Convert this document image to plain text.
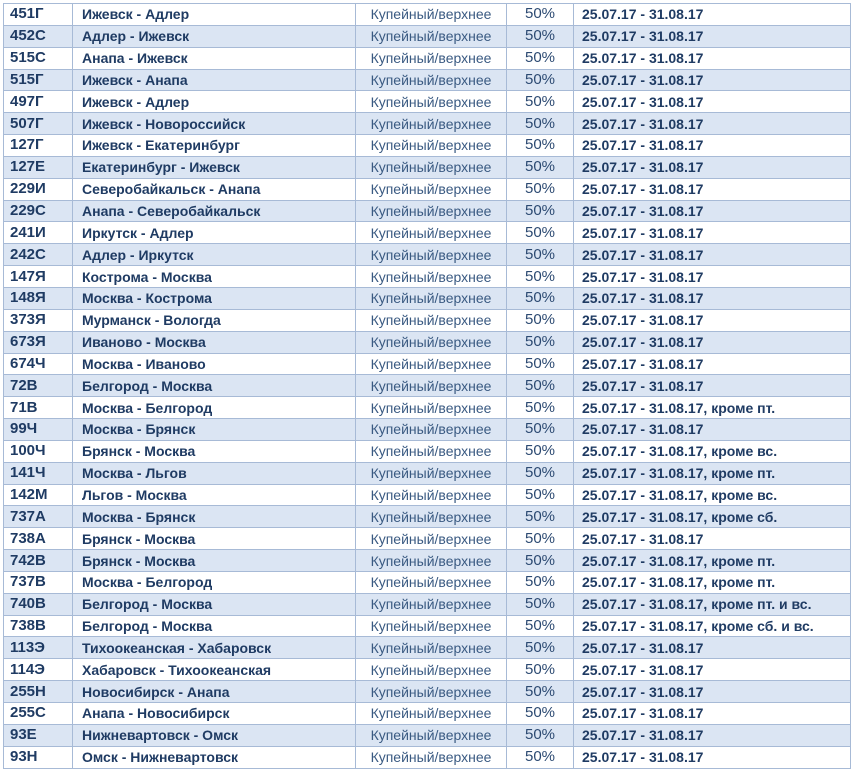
451Г	Ижевск - Адлер	Купейный/верхнее	50%	25.07.17 - 31.08.17
452С	Адлер - Ижевск	Купейный/верхнее	50%	25.07.17 - 31.08.17
515С	Анапа - Ижевск	Купейный/верхнее	50%	25.07.17 - 31.08.17
515Г	Ижевск - Анапа	Купейный/верхнее	50%	25.07.17 - 31.08.17
497Г	Ижевск - Адлер	Купейный/верхнее	50%	25.07.17 - 31.08.17
507Г	Ижевск - Новороссийск	Купейный/верхнее	50%	25.07.17 - 31.08.17
127Г	Ижевск - Екатеринбург	Купейный/верхнее	50%	25.07.17 - 31.08.17
127Е	Екатеринбург - Ижевск	Купейный/верхнее	50%	25.07.17 - 31.08.17
229И	Северобайкальск - Анапа	Купейный/верхнее	50%	25.07.17 - 31.08.17
229С	Анапа - Северобайкальск	Купейный/верхнее	50%	25.07.17 - 31.08.17
241И	Иркутск - Адлер	Купейный/верхнее	50%	25.07.17 - 31.08.17
242С	Адлер - Иркутск	Купейный/верхнее	50%	25.07.17 - 31.08.17
147Я	Кострома - Москва	Купейный/верхнее	50%	25.07.17 - 31.08.17
148Я	Москва - Кострома	Купейный/верхнее	50%	25.07.17 - 31.08.17
373Я	Мурманск - Вологда	Купейный/верхнее	50%	25.07.17 - 31.08.17
673Я	Иваново - Москва	Купейный/верхнее	50%	25.07.17 - 31.08.17
674Ч	Москва - Иваново	Купейный/верхнее	50%	25.07.17 - 31.08.17
72В	Белгород - Москва	Купейный/верхнее	50%	25.07.17 - 31.08.17
71В	Москва - Белгород	Купейный/верхнее	50%	25.07.17 - 31.08.17, кроме пт.
99Ч	Москва - Брянск	Купейный/верхнее	50%	25.07.17 - 31.08.17
100Ч	Брянск - Москва	Купейный/верхнее	50%	25.07.17 - 31.08.17, кроме вс.
141Ч	Москва - Льгов	Купейный/верхнее	50%	25.07.17 - 31.08.17, кроме пт.
142М	Льгов - Москва	Купейный/верхнее	50%	25.07.17 - 31.08.17, кроме вс.
737А	Москва - Брянск	Купейный/верхнее	50%	25.07.17 - 31.08.17, кроме сб.
738А	Брянск - Москва	Купейный/верхнее	50%	25.07.17 - 31.08.17
742В	Брянск - Москва	Купейный/верхнее	50%	25.07.17 - 31.08.17, кроме пт.
737В	Москва - Белгород	Купейный/верхнее	50%	25.07.17 - 31.08.17, кроме пт.
740В	Белгород - Москва	Купейный/верхнее	50%	25.07.17 - 31.08.17, кроме пт. и вс.
738В	Белгород - Москва	Купейный/верхнее	50%	25.07.17 - 31.08.17, кроме сб. и вс.
113Э	Тихоокеанская - Хабаровск	Купейный/верхнее	50%	25.07.17 - 31.08.17
114Э	Хабаровск - Тихоокеанская	Купейный/верхнее	50%	25.07.17 - 31.08.17
255Н	Новосибирск - Анапа	Купейный/верхнее	50%	25.07.17 - 31.08.17
255С	Анапа - Новосибирск	Купейный/верхнее	50%	25.07.17 - 31.08.17
93Е	Нижневартовск - Омск	Купейный/верхнее	50%	25.07.17 - 31.08.17
93Н	Омск - Нижневартовск	Купейный/верхнее	50%	25.07.17 - 31.08.17
